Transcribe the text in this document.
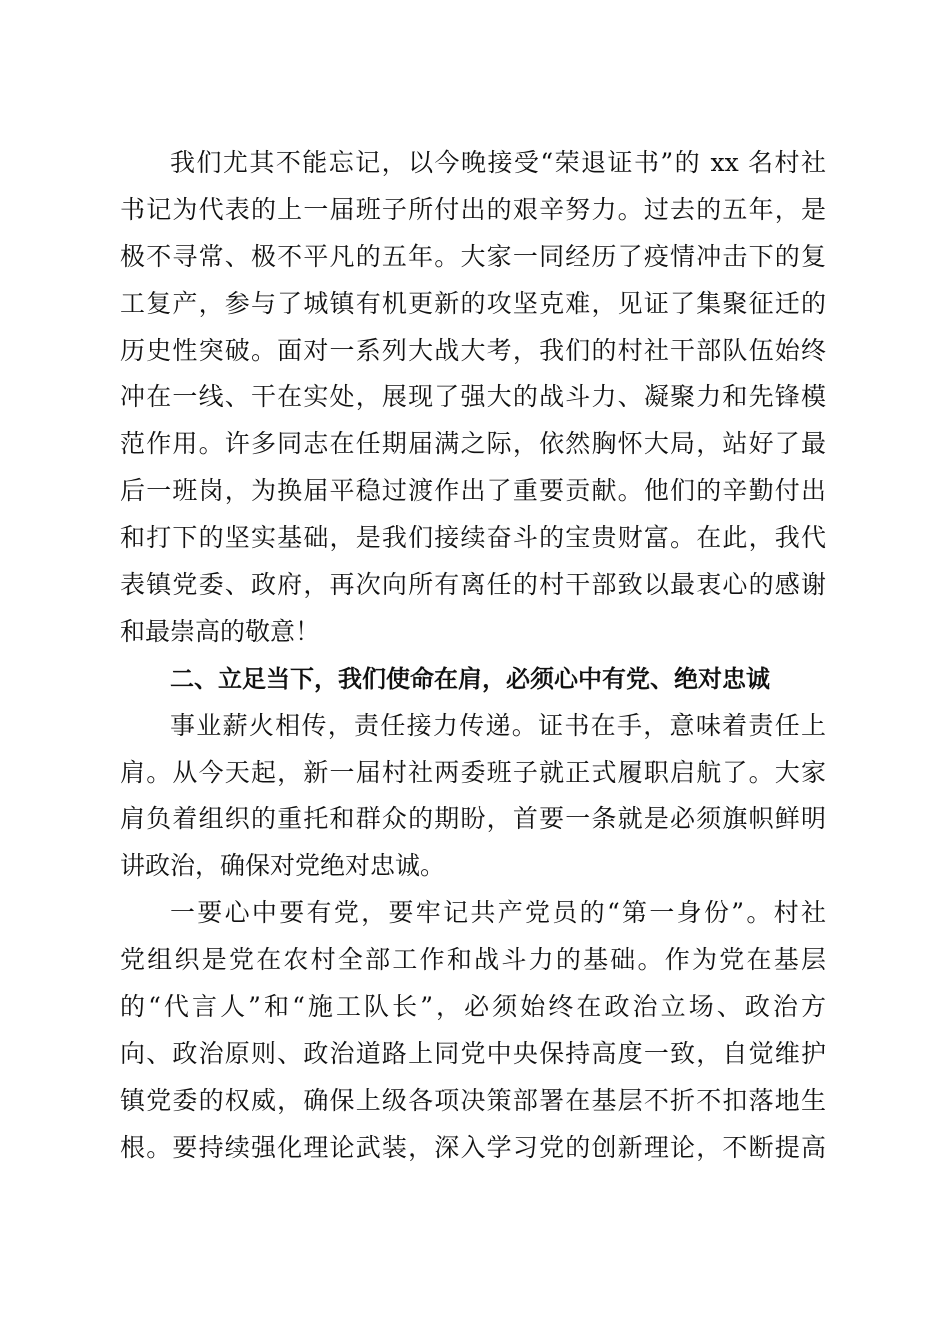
我们尤其不能忘记，以今晚接受“荣退证书”的 xx 名村社
书记为代表的上一届班子所付出的艰辛努力。过去的五年，是
极不寻常、极不平凡的五年。大家一同经历了疫情冲击下的复
工复产，参与了城镇有机更新的攻坚克难，见证了集聚征迁的
历史性突破。面对一系列大战大考，我们的村社干部队伍始终
冲在一线、干在实处，展现了强大的战斗力、凝聚力和先锋模
范作用。许多同志在任期届满之际，依然胸怀大局，站好了最
后一班岗，为换届平稳过渡作出了重要贡献。他们的辛勤付出
和打下的坚实基础，是我们接续奋斗的宝贵财富。在此，我代
表镇党委、政府，再次向所有离任的村干部致以最衷心的感谢
和最崇高的敬意！
二、立足当下，我们使命在肩，必须心中有党、绝对忠诚
事业薪火相传，责任接力传递。证书在手，意味着责任上
肩。从今天起，新一届村社两委班子就正式履职启航了。大家
肩负着组织的重托和群众的期盼，首要一条就是必须旗帜鲜明
讲政治，确保对党绝对忠诚。
一要心中要有党，要牢记共产党员的“第一身份”。村社
党组织是党在农村全部工作和战斗力的基础。作为党在基层
的“代言人”和“施工队长”，必须始终在政治立场、政治方
向、政治原则、政治道路上同党中央保持高度一致，自觉维护
镇党委的权威，确保上级各项决策部署在基层不折不扣落地生
根。要持续强化理论武装，深入学习党的创新理论，不断提高
